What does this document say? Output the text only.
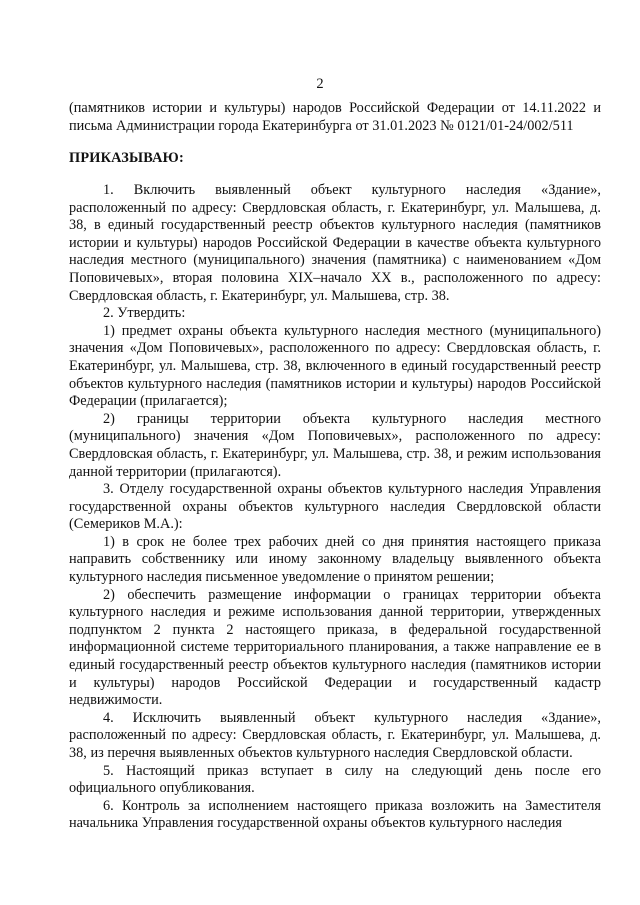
2
(памятников истории и культуры) народов Российской Федерации от 14.11.2022 и письма Администрации города Екатеринбурга от 31.01.2023 № 0121/01-24/002/511
ПРИКАЗЫВАЮ:

1. Включить выявленный объект культурного наследия «Здание», расположенный по адресу: Свердловская область, г. Екатеринбург, ул. Малышева, д. 38, в единый государственный реестр объектов культурного наследия (памятников истории и культуры) народов Российской Федерации в качестве объекта культурного наследия местного (муниципального) значения (памятника) с наименованием «Дом Поповичевых», вторая половина XIX–начало XX в., расположенного по адресу: Свердловская область, г. Екатеринбург, ул. Малышева, стр. 38.

2. Утвердить:

1) предмет охраны объекта культурного наследия местного (муниципального) значения «Дом Поповичевых», расположенного по адресу: Свердловская область, г. Екатеринбург, ул. Малышева, стр. 38, включенного в единый государственный реестр объектов культурного наследия (памятников истории и культуры) народов Российской Федерации (прилагается);

2) границы территории объекта культурного наследия местного (муниципального) значения «Дом Поповичевых», расположенного по адресу: Свердловская область, г. Екатеринбург, ул. Малышева, стр. 38, и режим использования данной территории (прилагаются).

3. Отделу государственной охраны объектов культурного наследия Управления государственной охраны объектов культурного наследия Свердловской области (Семериков М.А.):

1) в срок не более трех рабочих дней со дня принятия настоящего приказа направить собственнику или иному законному владельцу выявленного объекта культурного наследия письменное уведомление о принятом решении;

2) обеспечить размещение информации о границах территории объекта культурного наследия и режиме использования данной территории, утвержденных подпунктом 2 пункта 2 настоящего приказа, в федеральной государственной информационной системе территориального планирования, а также направление ее в единый государственный реестр объектов культурного наследия (памятников истории и культуры) народов Российской Федерации и государственный кадастр недвижимости.

4. Исключить выявленный объект культурного наследия «Здание», расположенный по адресу: Свердловская область, г. Екатеринбург, ул. Малышева, д. 38, из перечня выявленных объектов культурного наследия Свердловской области.

5. Настоящий приказ вступает в силу на следующий день после его официального опубликования.

6. Контроль за исполнением настоящего приказа возложить на Заместителя начальника Управления государственной охраны объектов культурного наследия
